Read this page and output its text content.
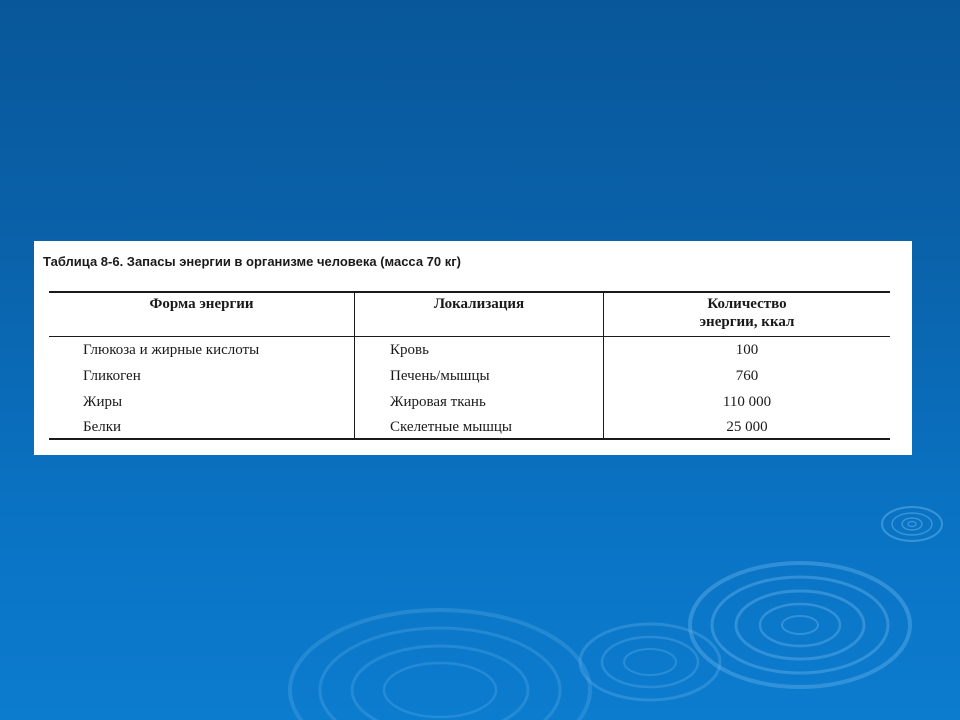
Таблица 8-6. Запасы энергии в организме человека (масса 70 кг)
Форма энергии	Локализация	Количество
энергии, ккал
Глюкоза и жирные кислоты	Кровь	100
Гликоген	Печень/мышцы	760
Жиры	Жировая ткань	110 000
Белки	Скелетные мышцы	25 000
